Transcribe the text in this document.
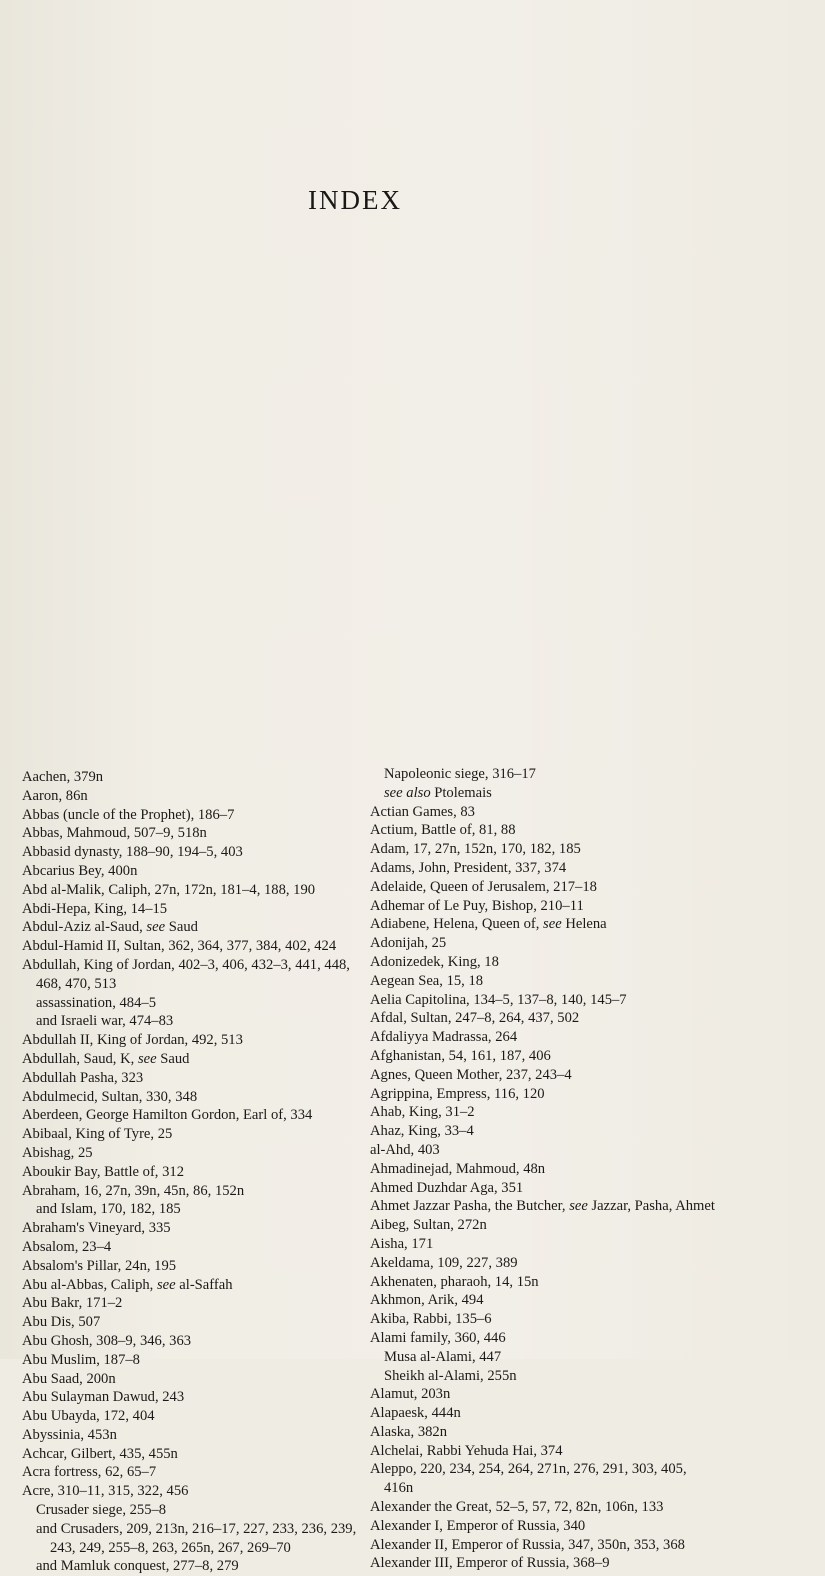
INDEX
Aachen, 379n
Aaron, 86n
Abbas (uncle of the Prophet), 186–7
Abbas, Mahmoud, 507–9, 518n
Abbasid dynasty, 188–90, 194–5, 403
Abcarius Bey, 400n
Abd al-Malik, Caliph, 27n, 172n, 181–4, 188, 190
Abdi-Hepa, King, 14–15
Abdul-Aziz al-Saud, see Saud
Abdul-Hamid II, Sultan, 362, 364, 377, 384, 402, 424
Abdullah, King of Jordan, 402–3, 406, 432–3, 441, 448, 468, 470, 513
assassination, 484–5
and Israeli war, 474–83
Abdullah II, King of Jordan, 492, 513
Abdullah, Saud, K, see Saud
Abdullah Pasha, 323
Abdulmecid, Sultan, 330, 348
Aberdeen, George Hamilton Gordon, Earl of, 334
Abibaal, King of Tyre, 25
Abishag, 25
Aboukir Bay, Battle of, 312
Abraham, 16, 27n, 39n, 45n, 86, 152n
and Islam, 170, 182, 185
Abraham's Vineyard, 335
Absalom, 23–4
Absalom's Pillar, 24n, 195
Abu al-Abbas, Caliph, see al-Saffah
Abu Bakr, 171–2
Abu Dis, 507
Abu Ghosh, 308–9, 346, 363
Abu Muslim, 187–8
Abu Saad, 200n
Abu Sulayman Dawud, 243
Abu Ubayda, 172, 404
Abyssinia, 453n
Achcar, Gilbert, 435, 455n
Acra fortress, 62, 65–7
Acre, 310–11, 315, 322, 456
Crusader siege, 255–8
and Crusaders, 209, 213n, 216–17, 227, 233, 236, 239, 243, 249, 255–8, 263, 265n, 267, 269–70
and Mamluk conquest, 277–8, 279
Napoleonic siege, 316–17
see also Ptolemais
Actian Games, 83
Actium, Battle of, 81, 88
Adam, 17, 27n, 152n, 170, 182, 185
Adams, John, President, 337, 374
Adelaide, Queen of Jerusalem, 217–18
Adhemar of Le Puy, Bishop, 210–11
Adiabene, Helena, Queen of, see Helena
Adonijah, 25
Adonizedek, King, 18
Aegean Sea, 15, 18
Aelia Capitolina, 134–5, 137–8, 140, 145–7
Afdal, Sultan, 247–8, 264, 437, 502
Afdaliyya Madrassa, 264
Afghanistan, 54, 161, 187, 406
Agnes, Queen Mother, 237, 243–4
Agrippina, Empress, 116, 120
Ahab, King, 31–2
Ahaz, King, 33–4
al-Ahd, 403
Ahmadinejad, Mahmoud, 48n
Ahmed Duzhdar Aga, 351
Ahmet Jazzar Pasha, the Butcher, see Jazzar, Pasha, Ahmet
Aibeg, Sultan, 272n
Aisha, 171
Akeldama, 109, 227, 389
Akhenaten, pharaoh, 14, 15n
Akhmon, Arik, 494
Akiba, Rabbi, 135–6
Alami family, 360, 446
Musa al-Alami, 447
Sheikh al-Alami, 255n
Alamut, 203n
Alapaesk, 444n
Alaska, 382n
Alchelai, Rabbi Yehuda Hai, 374
Aleppo, 220, 234, 254, 264, 271n, 276, 291, 303, 405, 416n
Alexander the Great, 52–5, 57, 72, 82n, 106n, 133
Alexander I, Emperor of Russia, 340
Alexander II, Emperor of Russia, 347, 350n, 353, 368
Alexander III, Emperor of Russia, 368–9
